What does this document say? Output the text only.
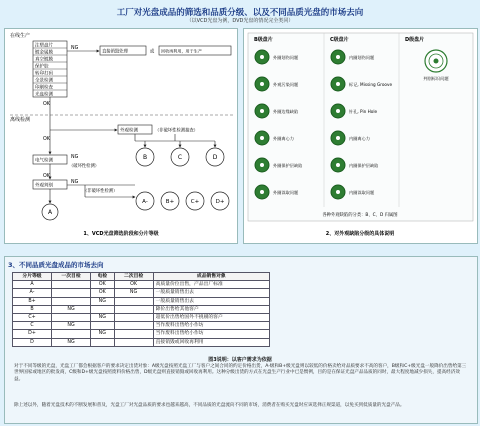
工厂对光盘成品的筛选和品质分级、以及不同品质光盘的市场去向
（以VCD光盘为例，DVD光盘的情况完全类同）
在线生产
注塑盘片
镀金属膜
真空镀膜
保护胶
转印打码
全景检测
印刷检查
光盘检测
NG
直接销毁处理	或 回收再利用，用于生产
OK
离线检测
外观检测	（非破坏性检测抽查）
B	C	D
OK
电气检测
NG
（破坏性检测）
OK
外观判别
NG
（非破坏性检测）
A-	B+	C+	D+
A
1、VCD光盘筛选阶段和分片等级
B级盘片	C级盘片	D级盘片
外圈划伤问题
外观污染问题
外圈边缘缺陷
外圈离心力
外圈保护层缺陷
外圈读取问题
内圈划伤问题
标记, Missing Groove
针孔, Pin Hole
内圈离心力
内圈保护层缺陷
内圈读取问题
判别标识问题
各种外观缺陷的分类：B、C、D 归属图
2、对外观缺陷分级的具体说明
3、不同品质光盘成品的市场去向
分片等级	一次目检	电检	二次目检	成品销售对象
A		OK	OK	高质量价位出售，产品出厂标准
A-		OK	NG	一般质量销售出去
B+		NG		一般质量销售出去
B	NG			降价出售给其他客户
C+		NG		超低价出售给国外不挑剔的客户
C	NG			当作废料出售给小作坊
D+		NG		当作废料出售给小作坊
D	NG			直接销毁或回收再利用
图3说明：以客户需求为依据
对于不同等级的光盘，光盘工厂都会根据客户的要求决定出货对象：A级光盘按照光盘工厂与客户之间合同的约定价格出货，A-级和B+级光盘则以较低的价格卖给对品质要求不高的客户，B级和C+级光盘一般降价出售给第三世界国家或地区的批发商，C级和D+级光盘按照废料价格出售，D级光盘则直接销毁或回收再利用。这种分级出货的方式在光盘生产行业中已是惯例，目的是在保证光盘产品品质的同时，最大程度地减少损失，提高经济效益。
除上述以外，随着光盘技术的不断发展和普及，光盘工厂对光盘品质的要求也越来越高，不同品质的光盘流向不同的市场，消费者在购买光盘时应该选择正规渠道，以免买到低质量的光盘产品。
